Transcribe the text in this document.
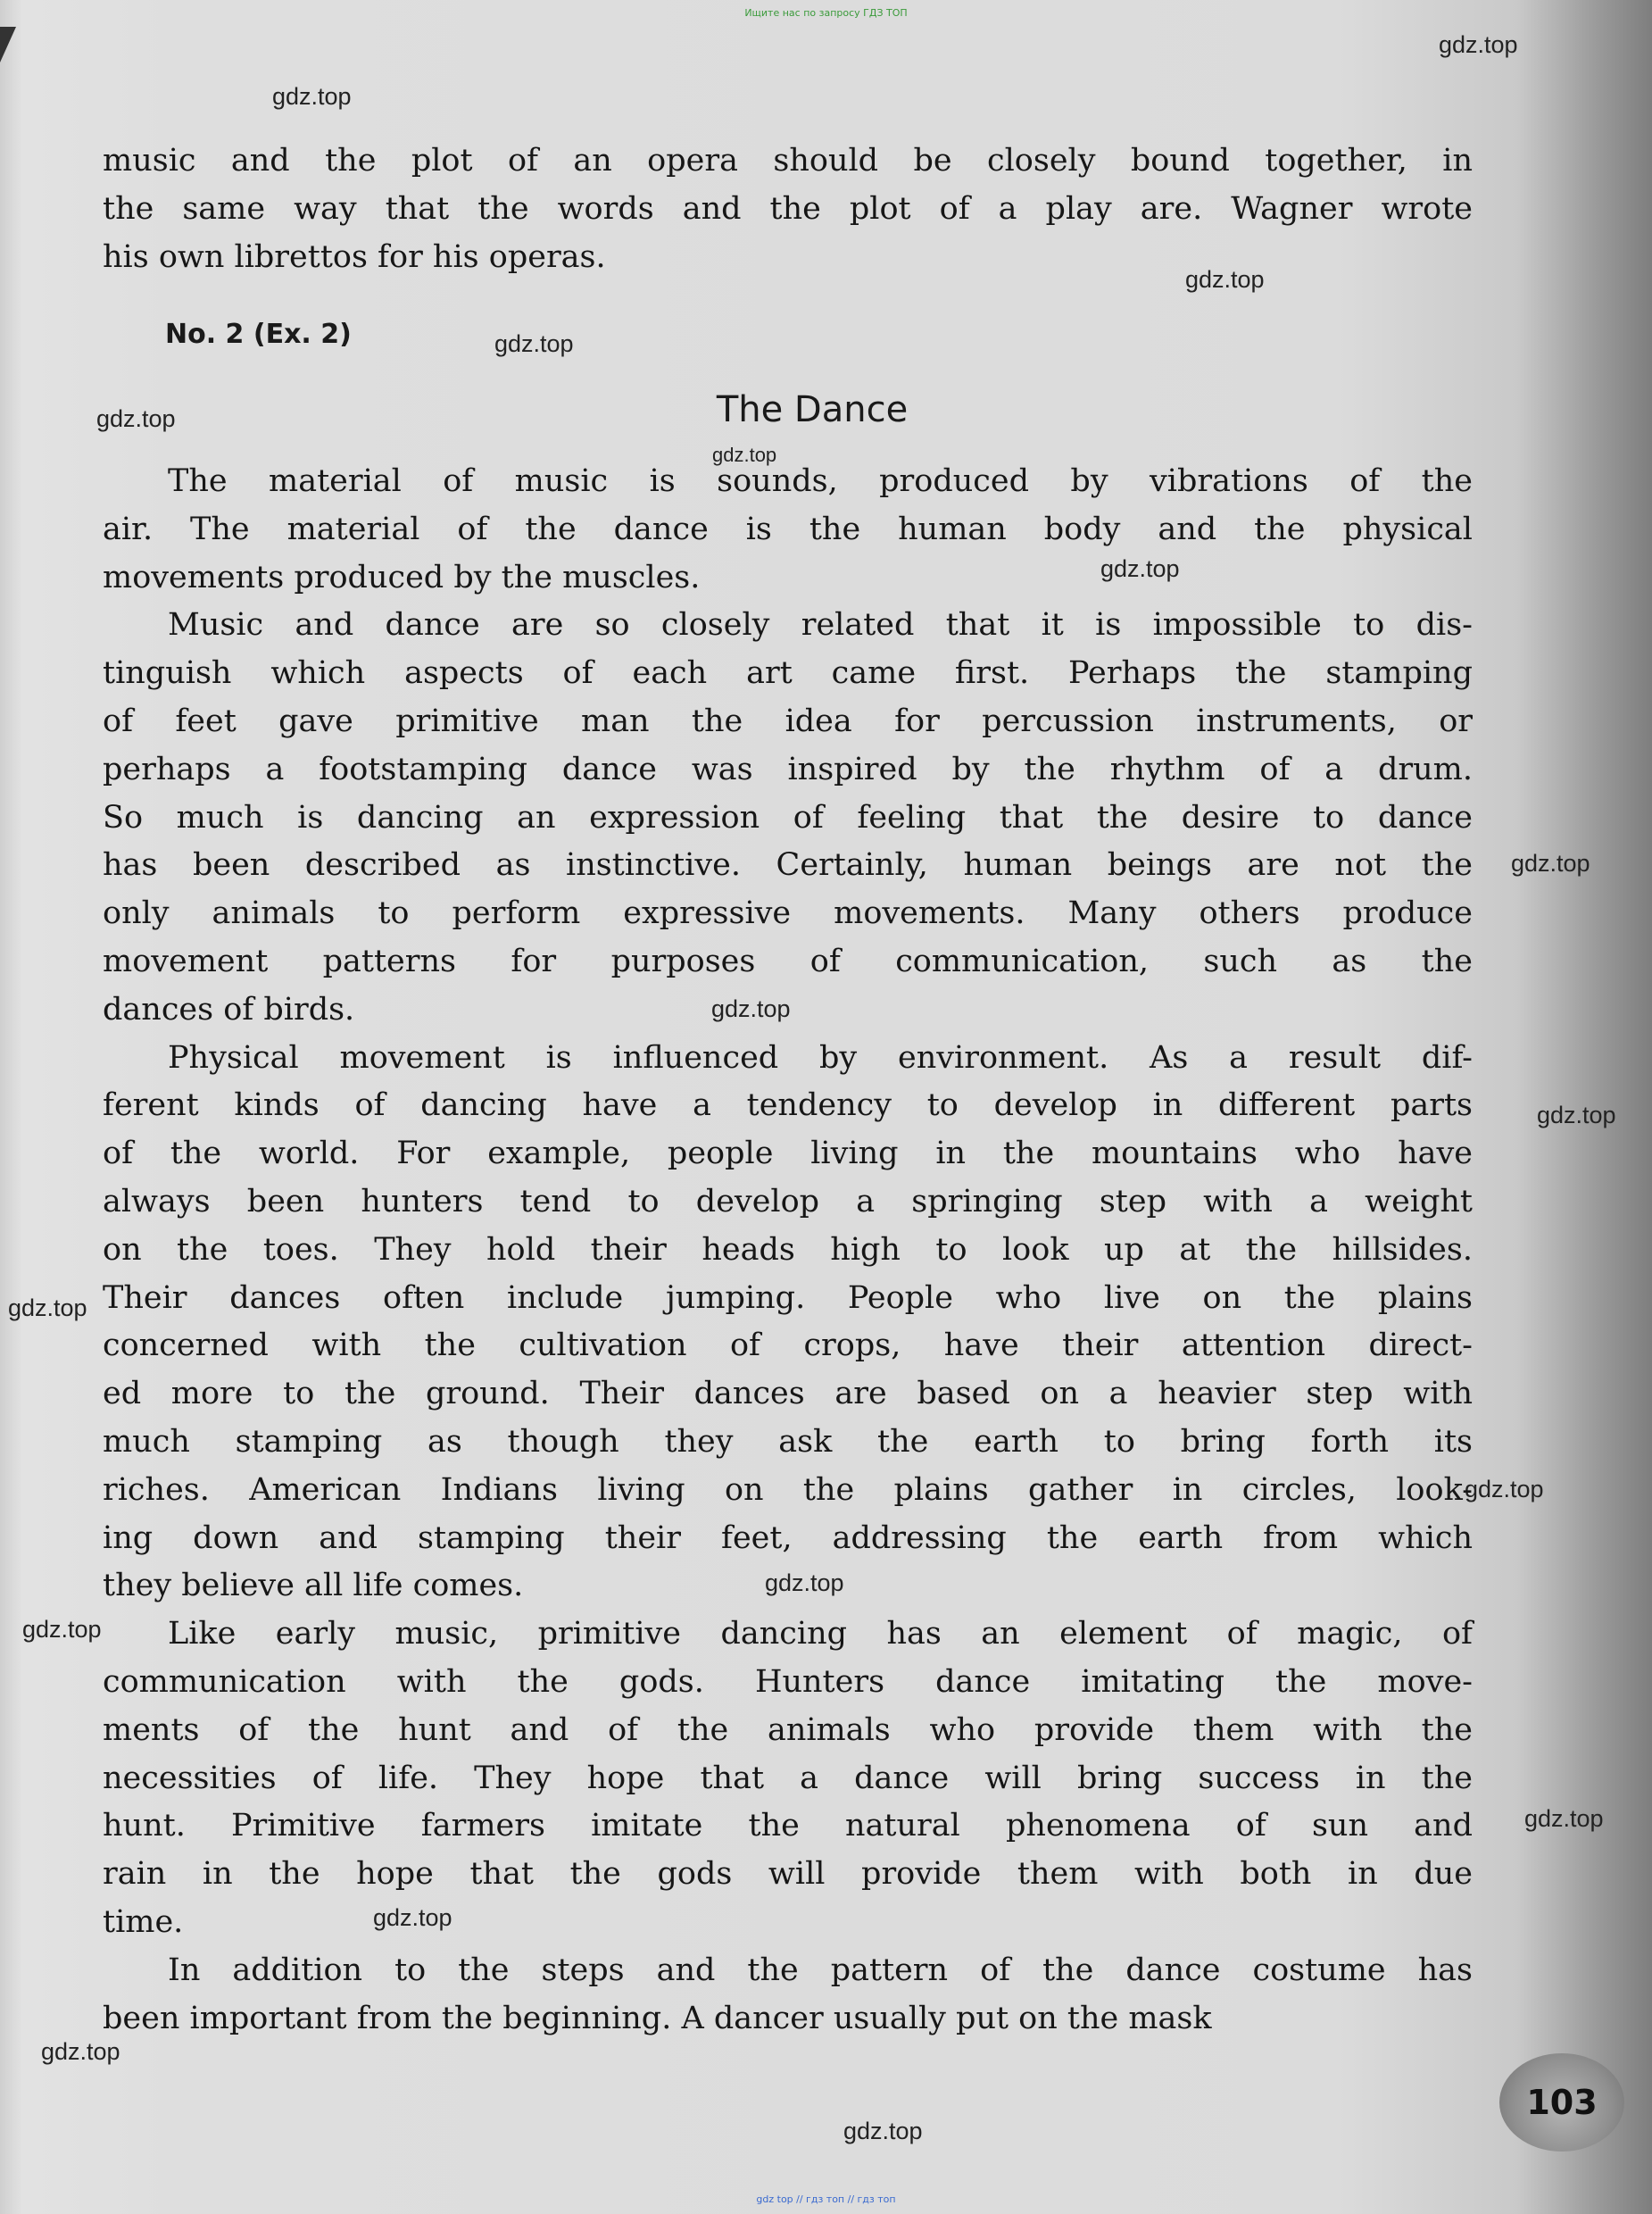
Ищите нас по запросу ГДЗ ТОП
gdz.top
gdz.top
gdz.top
gdz.top
gdz.top
gdz.top
gdz.top
gdz.top
gdz.top
gdz.top
gdz.top
gdz.top
gdz.top
gdz.top
gdz.top
gdz.top
gdz.top
gdz.top
music and the plot of an opera should be closely bound together, in
the same way that the words and the plot of a play are. Wagner wrote
his own librettos for his operas.
No. 2 (Ex. 2)
The Dance
The material of music is sounds, produced by vibrations of the
air. The material of the dance is the human body and the physical
movements produced by the muscles.
Music and dance are so closely related that it is impossible to dis-
tinguish which aspects of each art came first. Perhaps the stamping
of feet gave primitive man the idea for percussion instruments, or
perhaps a footstamping dance was inspired by the rhythm of a drum.
So much is dancing an expression of feeling that the desire to dance
has been described as instinctive. Certainly, human beings are not the
only animals to perform expressive movements. Many others produce
movement patterns for purposes of communication, such as the
dances of birds.
Physical movement is influenced by environment. As a result dif-
ferent kinds of dancing have a tendency to develop in different parts
of the world. For example, people living in the mountains who have
always been hunters tend to develop a springing step with a weight
on the toes. They hold their heads high to look up at the hillsides.
Their dances often include jumping. People who live on the plains
concerned with the cultivation of crops, have their attention direct-
ed more to the ground. Their dances are based on a heavier step with
much stamping as though they ask the earth to bring forth its
riches. American Indians living on the plains gather in circles, look-
ing down and stamping their feet, addressing the earth from which
they believe all life comes.
Like early music, primitive dancing has an element of magic, of
communication with the gods. Hunters dance imitating the move-
ments of the hunt and of the animals who provide them with the
necessities of life. They hope that a dance will bring success in the
hunt. Primitive farmers imitate the natural phenomena of sun and
rain in the hope that the gods will provide them with both in due
time.
In addition to the steps and the pattern of the dance costume has
been important from the beginning. A dancer usually put on the mask
103
gdz top // гдз топ // гдз топ
